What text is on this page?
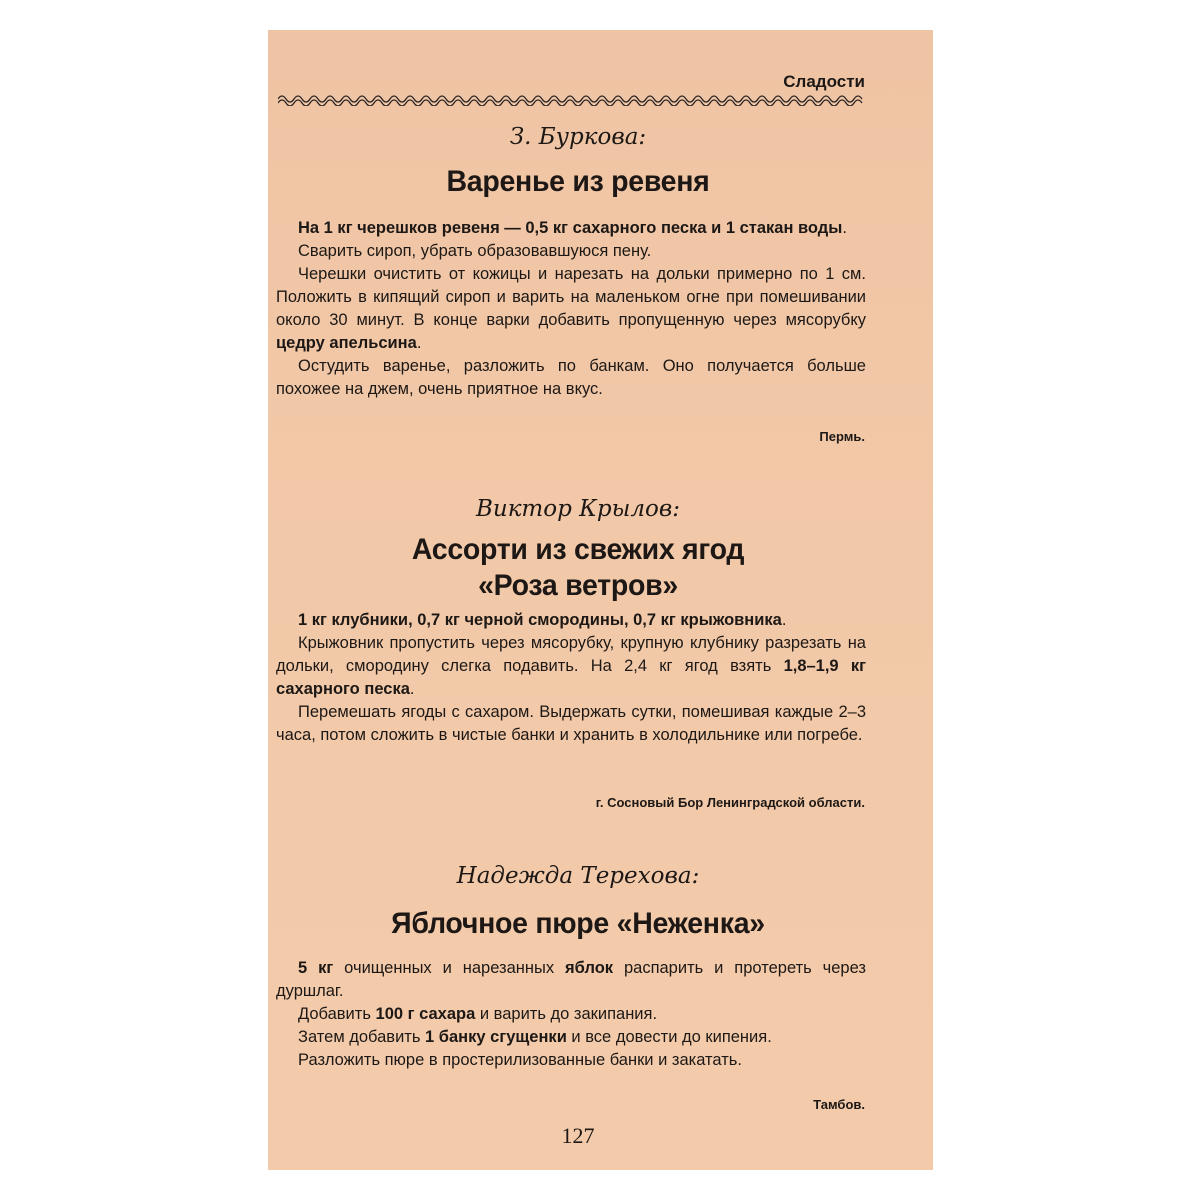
Сладости
З. Буркова:
Варенье из ревеня

На 1 кг черешков ревеня — 0,5 кг сахарного песка и 1 стакан воды.

Сварить сироп, убрать образовавшуюся пену.

Черешки очистить от кожицы и нарезать на дольки примерно по 1 см. Положить в кипящий сироп и варить на маленьком огне при помешивании около 30 минут. В конце варки добавить пропущенную через мясорубку цедру апельсина.

Остудить варенье, разложить по банкам. Оно получается больше похожее на джем, очень приятное на вкус.

Пермь.
Виктор Крылов:
Ассорти из свежих ягод
«Роза ветров»

1 кг клубники, 0,7 кг черной смородины, 0,7 кг крыжовника.

Крыжовник пропустить через мясорубку, крупную клубнику разрезать на дольки, смородину слегка подавить. На 2,4 кг ягод взять 1,8–1,9 кг сахарного песка.

Перемешать ягоды с сахаром. Выдержать сутки, помешивая каждые 2–3 часа, потом сложить в чистые банки и хранить в холодильнике или погребе.

г. Сосновый Бор Ленинградской области.
Надежда Терехова:
Яблочное пюре «Неженка»

5 кг очищенных и нарезанных яблок распарить и протереть через дуршлаг.

Добавить 100 г сахара и варить до закипания.

Затем добавить 1 банку сгущенки и все довести до кипения.

Разложить пюре в простерилизованные банки и закатать.

Тамбов.
127
